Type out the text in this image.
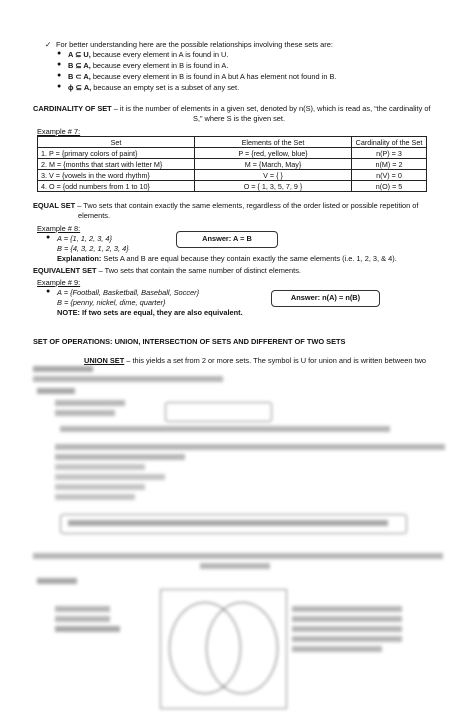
✓ For better understanding here are the possible relationships involving these sets are:
● A ⊆ U, because every element in A is found in U.
● B ⊆ A, because every element in B is found in A.
● B ⊂ A, because every element in B is found in A but A has element not found in B.
● ϕ ⊆ A, because an empty set is a subset of any set.
CARDINALITY OF SET – it is the number of elements in a given set, denoted by n(S), which is read as, “the cardinality of
S,” where S is the given set.
Example # 7:
Set	Elements of the Set	Cardinality of the Set
1. P = {primary colors of paint}	P = {red, yellow, blue}	n(P) = 3
2. M = {months that start with letter M}	M = {March, May}	n(M) = 2
3. V = {vowels in the word rhythm}	V = { }	n(V) = 0
4. O = {odd numbers from 1 to 10}	O = { 1, 3, 5, 7, 9 }	n(O) = 5
EQUAL SET – Two sets that contain exactly the same elements, regardless of the order listed or possible repetition of
elements.
Example # 8:
● A = {1, 1, 2, 3, 4}
B = {4, 3, 2, 1, 2, 3, 4}
Answer: A = B
Explanation: Sets A and B are equal because they contain exactly the same elements (i.e. 1, 2, 3, & 4).
EQUIVALENT SET – Two sets that contain the same number of distinct elements.
Example # 9:
● A = {Football, Basketball, Baseball, Soccer}
B = {penny, nickel, dime, quarter}
Answer: n(A) = n(B)
NOTE: If two sets are equal, they are also equivalent.
SET OF OPERATIONS: UNION, INTERSECTION OF SETS AND DIFFERENT OF TWO SETS
UNION SET – this yields a set from 2 or more sets. The symbol is U for union and is written between two
